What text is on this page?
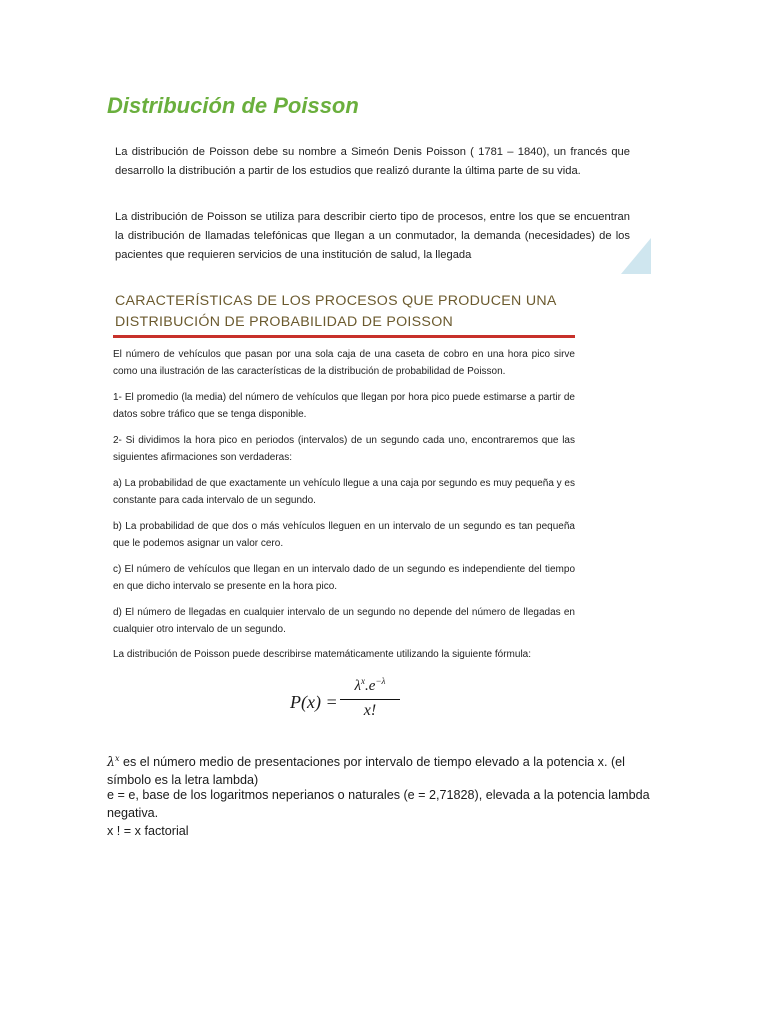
Distribución de Poisson

La distribución de Poisson debe su nombre a Simeón Denis Poisson ( 1781 – 1840), un francés que desarrollo la distribución a partir de los estudios que realizó durante la última parte de su vida.

La distribución de Poisson se utiliza para describir cierto tipo de procesos, entre los que se encuentran la distribución de llamadas telefónicas que llegan a un conmutador, la demanda (necesidades) de los pacientes que requieren servicios de una institución de salud, la llegada

CARACTERÍSTICAS DE LOS PROCESOS QUE PRODUCEN UNA
DISTRIBUCIÓN DE PROBABILIDAD DE POISSON

El número de vehículos que pasan por una sola caja de una caseta de cobro en una hora pico sirve como una ilustración de las características de la distribución de probabilidad de Poisson.

1- El promedio (la media) del número de vehículos que llegan por hora pico puede estimarse a partir de datos sobre tráfico que se tenga disponible.

2- Si dividimos la hora pico en periodos (intervalos) de un segundo cada uno, encontraremos que las siguientes afirmaciones son verdaderas:

a) La probabilidad de que exactamente un vehículo llegue a una caja por segundo es muy pequeña y es constante para cada intervalo de un segundo.

b) La probabilidad de que dos o más vehículos lleguen en un intervalo de un segundo es tan pequeña que le podemos asignar un valor cero.

c) El número de vehículos que llegan en un intervalo dado de un segundo es independiente del tiempo en que dicho intervalo se presente en la hora pico.

d) El número de llegadas en cualquier intervalo de un segundo no depende del número de llegadas en cualquier otro intervalo de un segundo.

La distribución de Poisson puede describirse matemáticamente utilizando la siguiente fórmula:

P(x) =
$\lambda^x.e^{-\lambda}$
x!

$\lambda^x$ es el número medio de presentaciones por intervalo de tiempo elevado a la potencia x. (el símbolo es la letra lambda)

e = e, base de los logaritmos neperianos o naturales (e = 2,71828), elevada a la potencia lambda negativa.

x ! = x factorial
